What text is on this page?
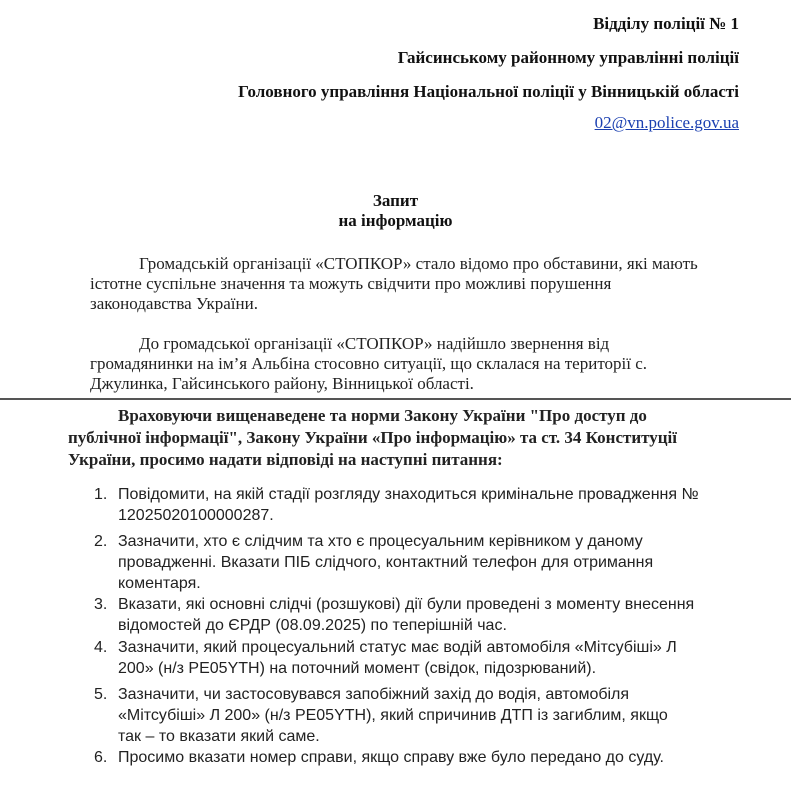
Відділу поліції № 1
Гайсинському районному управлінні поліції
Головного управління Національної поліції у Вінницькій області
02@vn.police.gov.ua
Запит
на інформацію
Громадській організації «СТОПКОР» стало відомо про обставини, які мають
істотне суспільне значення та можуть свідчити про можливі порушення
законодавства України.
До громадської організації «СТОПКОР» надійшло звернення від
громадянинки на ім’я Альбіна стосовно ситуації, що склалася на території с.
Джулинка, Гайсинського району, Вінницької області.
Враховуючи вищенаведене та норми Закону України "Про доступ до
публічної інформації", Закону України «Про інформацію» та ст. 34 Конституції
України, просимо надати відповіді на наступні питання:
1. Повідомити, на якій стадії розгляду знаходиться кримінальне провадження №
12025020100000287.
2. Зазначити, хто є слідчим та хто є процесуальним керівником у даному
провадженні. Вказати ПІБ слідчого, контактний телефон для отримання
коментаря.
3. Вказати, які основні слідчі (розшукові) дії були проведені з моменту внесення
відомостей до ЄРДР (08.09.2025) по теперішній час.
4. Зазначити, який процесуальний статус має водій автомобіля «Мітсубіші» Л
200» (н/з РЕ05YTH) на поточний момент (свідок, підозрюваний).
5. Зазначити, чи застосовувався запобіжний захід до водія, автомобіля
«Мітсубіші» Л 200» (н/з РЕ05YTH), який спричинив ДТП із загиблим, якщо
так – то вказати який саме.
6. Просимо вказати номер справи, якщо справу вже було передано до суду.
